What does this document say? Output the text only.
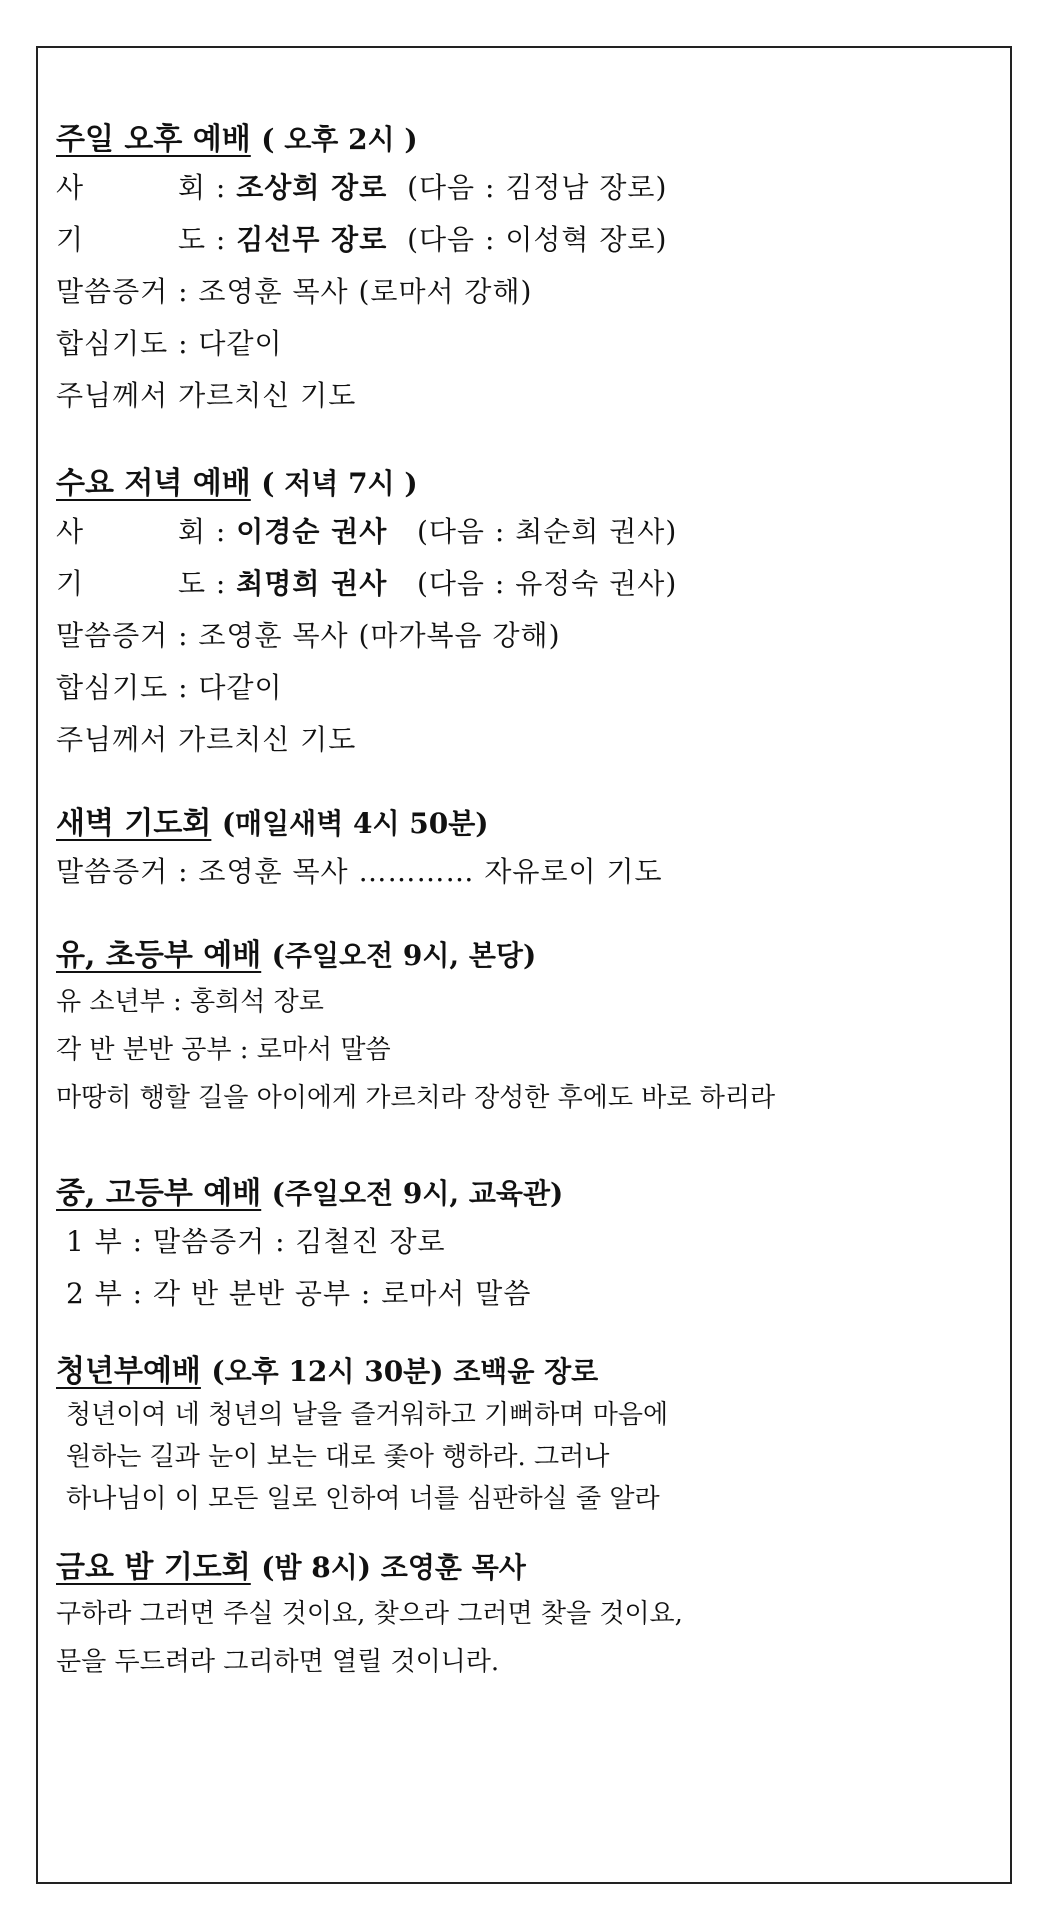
주일 오후 예배 ( 오후 2시 )
사	회 : 조상희 장로 (다음 : 김정남 장로)
기	도 : 김선무 장로 (다음 : 이성혁 장로)
말씀증거 : 조영훈 목사 (로마서 강해)
합심기도 : 다같이
주님께서 가르치신 기도
수요 저녁 예배 ( 저녁 7시 )
사	회 : 이경순 권사 (다음 : 최순희 권사)
기	도 : 최명희 권사 (다음 : 유정숙 권사)
말씀증거 : 조영훈 목사 (마가복음 강해)
합심기도 : 다같이
주님께서 가르치신 기도
새벽 기도회 (매일새벽 4시 50분)
말씀증거 : 조영훈 목사 ………… 자유로이 기도
유, 초등부 예배 (주일오전 9시, 본당)
유 소년부 : 홍희석 장로
각 반 분반 공부 : 로마서 말씀
마땅히 행할 길을 아이에게 가르치라 장성한 후에도 바로 하리라
중, 고등부 예배 (주일오전 9시, 교육관)
1 부 : 말씀증거 : 김철진 장로
2 부 : 각 반 분반 공부 : 로마서 말씀
청년부예배 (오후 12시 30분) 조백윤 장로
청년이여 네 청년의 날을 즐거워하고 기뻐하며 마음에
원하는 길과 눈이 보는 대로 좇아 행하라. 그러나
하나님이 이 모든 일로 인하여 너를 심판하실 줄 알라
금요 밤 기도회 (밤 8시) 조영훈 목사
구하라 그러면 주실 것이요, 찾으라 그러면 찾을 것이요,
문을 두드려라 그리하면 열릴 것이니라.
